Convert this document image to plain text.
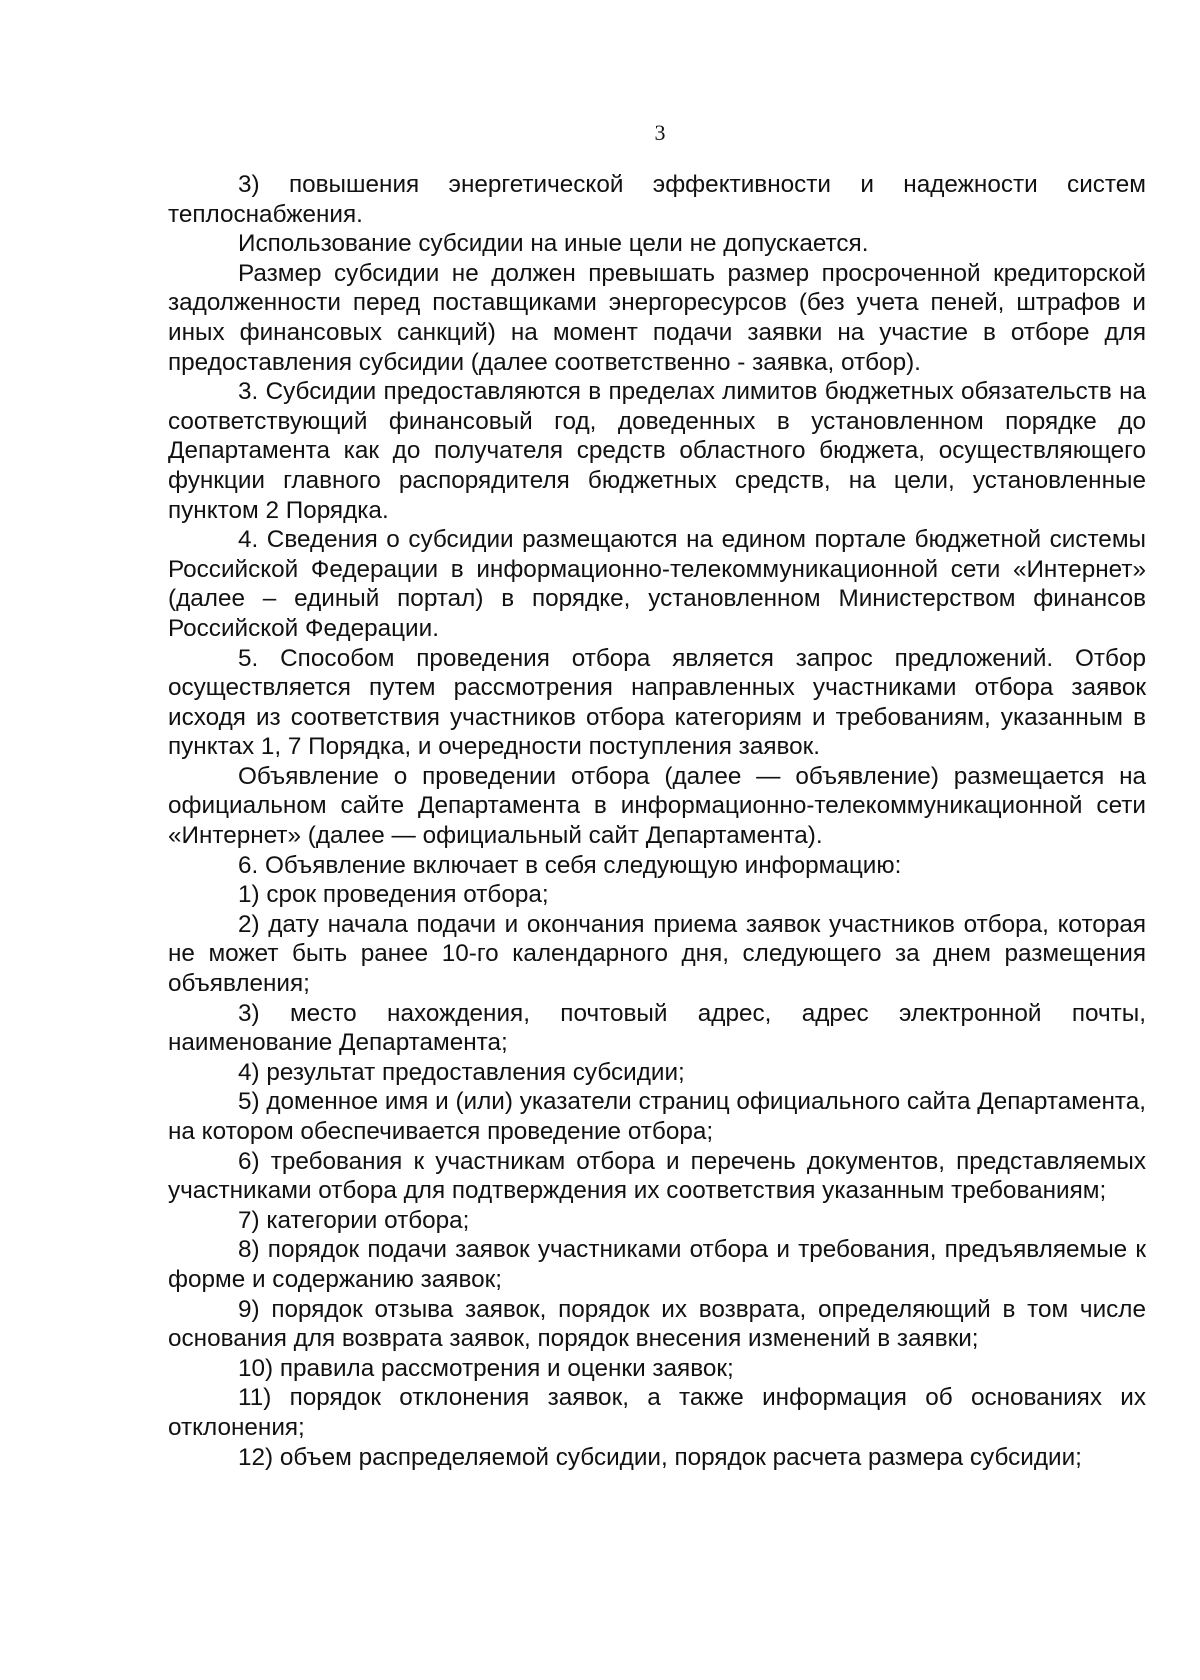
3

3) повышения энергетической эффективности и надежности систем теплоснабжения.

Использование субсидии на иные цели не допускается.

Размер субсидии не должен превышать размер просроченной кредиторской задолженности перед поставщиками энергоресурсов (без учета пеней, штрафов и иных финансовых санкций) на момент подачи заявки на участие в отборе для предоставления субсидии (далее соответственно - заявка, отбор).

3. Субсидии предоставляются в пределах лимитов бюджетных обязательств на соответствующий финансовый год, доведенных в установленном порядке до Департамента как до получателя средств областного бюджета, осуществляющего функции главного распорядителя бюджетных средств, на цели, установленные пунктом 2 Порядка.

4. Сведения о субсидии размещаются на едином портале бюджетной системы Российской Федерации в информационно-телекоммуникационной сети «Интернет» (далее – единый портал) в порядке, установленном Министерством финансов Российской Федерации.

5. Способом проведения отбора является запрос предложений. Отбор осуществляется путем рассмотрения направленных участниками отбора заявок исходя из соответствия участников отбора категориям и требованиям, указанным в пунктах 1, 7 Порядка, и очередности поступления заявок.

Объявление о проведении отбора (далее — объявление) размещается на официальном сайте Департамента в информационно-телекоммуникационной сети «Интернет» (далее — официальный сайт Департамента).

6. Объявление включает в себя следующую информацию:

1) срок проведения отбора;

2) дату начала подачи и окончания приема заявок участников отбора, которая не может быть ранее 10-го календарного дня, следующего за днем размещения объявления;

3) место нахождения, почтовый адрес, адрес электронной почты, наименование Департамента;

4) результат предоставления субсидии;

5) доменное имя и (или) указатели страниц официального сайта Департамента, на котором обеспечивается проведение отбора;

6) требования к участникам отбора и перечень документов, представляемых участниками отбора для подтверждения их соответствия указанным требованиям;

7) категории отбора;

8) порядок подачи заявок участниками отбора и требования, предъявляемые к форме и содержанию заявок;

9) порядок отзыва заявок, порядок их возврата, определяющий в том числе основания для возврата заявок, порядок внесения изменений в заявки;

10) правила рассмотрения и оценки заявок;

11) порядок отклонения заявок, а также информация об основаниях их отклонения;

12) объем распределяемой субсидии, порядок расчета размера субсидии;
